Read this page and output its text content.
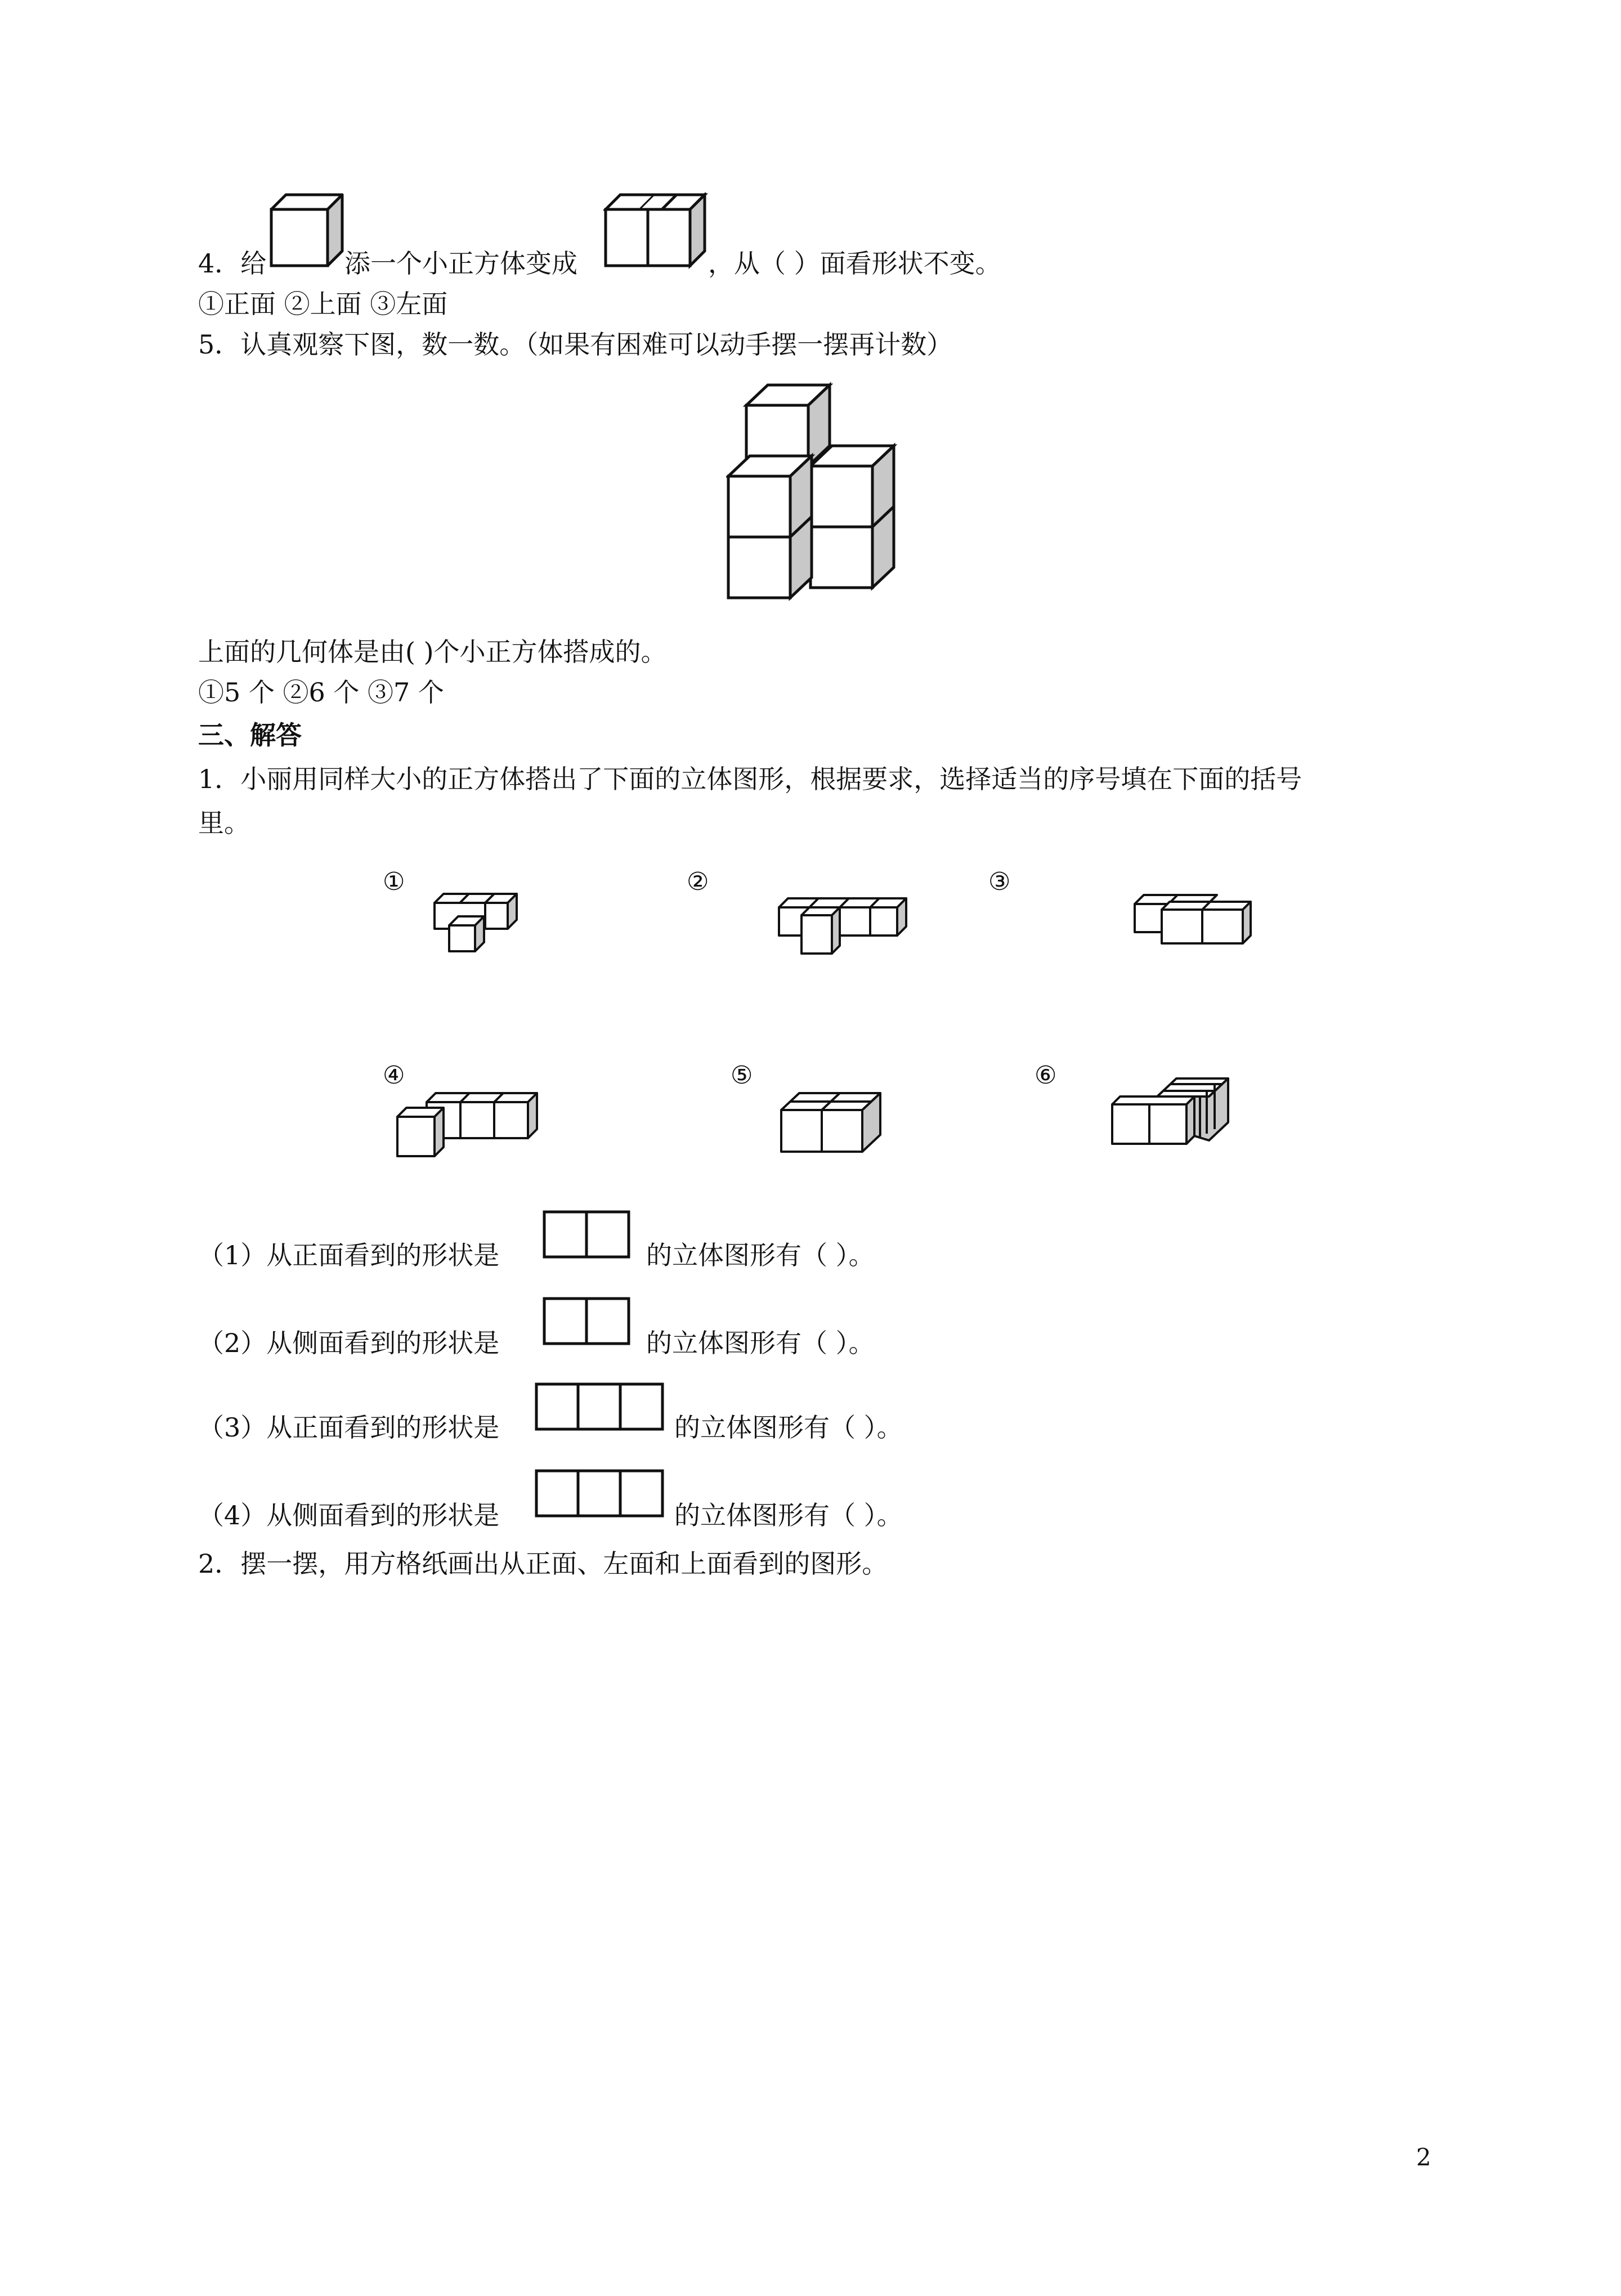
4．给	添一个小正方体变成	，从（ ）面看形状不变。
①正面 ②上面 ③左面
5．认真观察下图，数一数。（如果有困难可以动手摆一摆再计数）
上面的几何体是由( )个小正方体搭成的。
①5 个 ②6 个 ③7 个
三、解答
1．小丽用同样大小的正方体搭出了下面的立体图形，根据要求，选择适当的序号填在下面的括号
里。
①	②	③
④	⑤	⑥
（1）从正面看到的形状是	的立体图形有（ ）。
（2）从侧面看到的形状是	的立体图形有（ ）。
（3）从正面看到的形状是	的立体图形有（ ）。
（4）从侧面看到的形状是	的立体图形有（ ）。
2．摆一摆，用方格纸画出从正面、左面和上面看到的图形。
2
